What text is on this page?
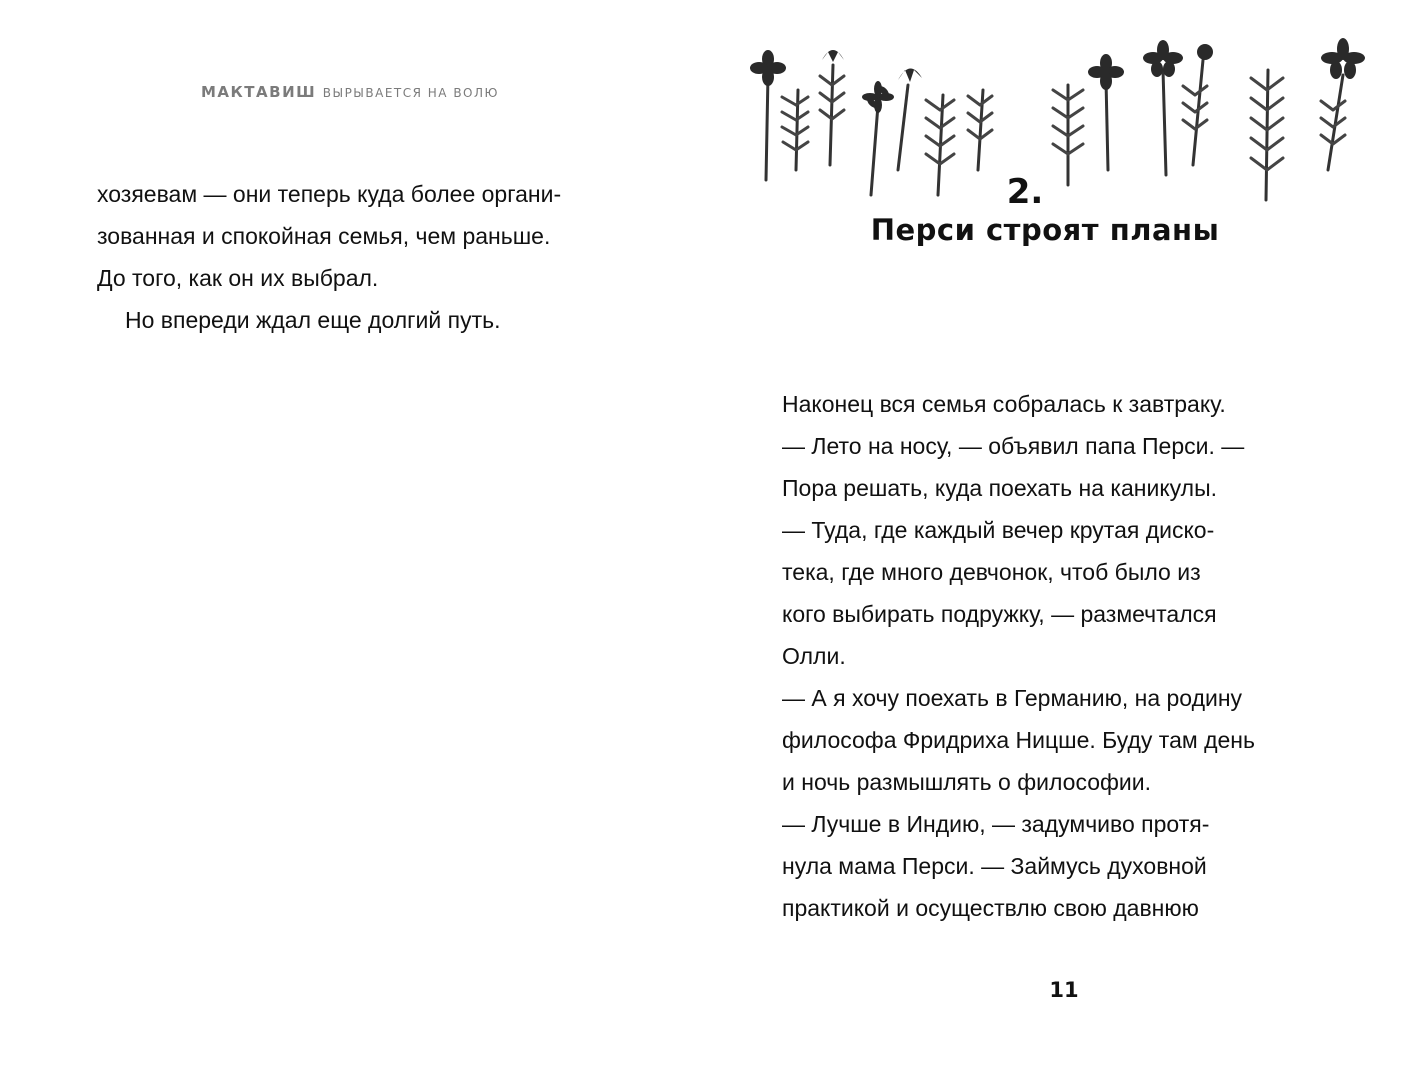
МАКТАВИШ ВЫРЫВАЕТСЯ НА ВОЛЮ
хозяевам — они теперь куда более органи-
зованная и спокойная семья, чем раньше.
До того, как он их выбрал.
Но впереди ждал еще долгий путь.
2.
Перси строят планы
Наконец вся семья собралась к завтраку.
— Лето на носу, — объявил папа Перси. —
Пора решать, куда поехать на каникулы.
— Туда, где каждый вечер крутая диско-
тека, где много девчонок, чтоб было из
кого выбирать подружку, — размечтался
Олли.
— А я хочу поехать в Германию, на родину
философа Фридриха Ницше. Буду там день
и ночь размышлять о философии.
— Лучше в Индию, — задумчиво протя-
нула мама Перси. — Займусь духовной
практикой и осуществлю свою давнюю
11
